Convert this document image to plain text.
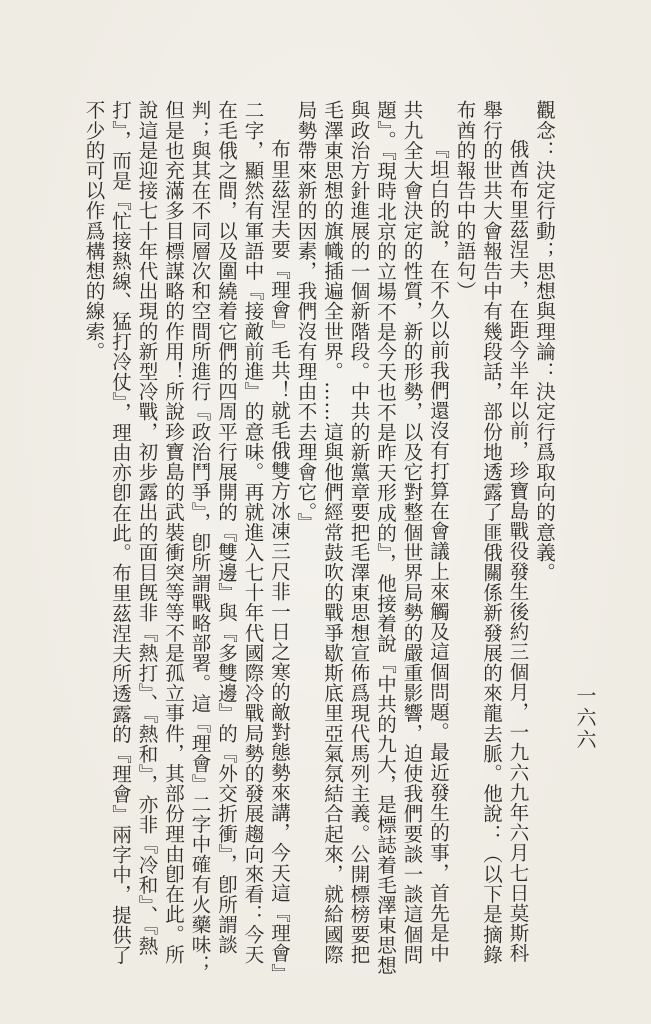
一六六

觀念：決定行動；思想與理論：決定行爲取向的意義。

俄酋布里茲涅夫，在距今半年以前，珍寶島戰役發生後約三個月，一九六九年六月七日莫斯科舉行的世共大會報告中有幾段話，部份地透露了匪俄關係新發展的來龍去脈。他說：（以下是摘錄布酋的報告中的語句）

『坦白的說，在不久以前我們還沒有打算在會議上來觸及這個問題。最近發生的事，首先是中共九全大會決定的性質，新的形勢，以及它對整個世界局勢的嚴重影響，迫使我們要談一談這個問題』。『現時北京的立場不是今天也不是昨天形成的』，他接着說『中共的九大，是標誌着毛澤東思想與政治方針進展的一個新階段。中共的新黨章要把毛澤東思想宣佈爲現代馬列主義。公開標榜要把毛澤東思想的旗幟插遍全世界。……這與他們經常鼓吹的戰爭歇斯底里亞氣氛結合起來，就給國際局勢帶來新的因素，我們沒有理由不去理會它。』

布里茲涅夫要『理會』毛共！就毛俄雙方冰凍三尺非一日之寒的敵對態勢來講，今天這『理會』二字，顯然有軍語中『接敵前進』的意味。再就進入七十年代國際冷戰局勢的發展趨向來看：今天在毛俄之間，以及圍繞着它們的四周平行展開的『雙邊』與『多雙邊』的『外交折衝』，卽所謂談判；與其在不同層次和空間所進行『政治鬥爭』，卽所謂戰略部署。這『理會』二字中確有火藥味；但是也充滿多目標謀略的作用！所說珍寶島的武裝衝突等等不是孤立事件，其部份理由卽在此。所說這是迎接七十年代出現的新型冷戰，初步露出的面目旣非『熱打』、『熱和』，亦非『冷和』、『熱打』，而是『忙接熱線、猛打冷仗』，理由亦卽在此。布里茲涅夫所透露的『理會』兩字中，提供了不少的可以作爲構想的線索。
